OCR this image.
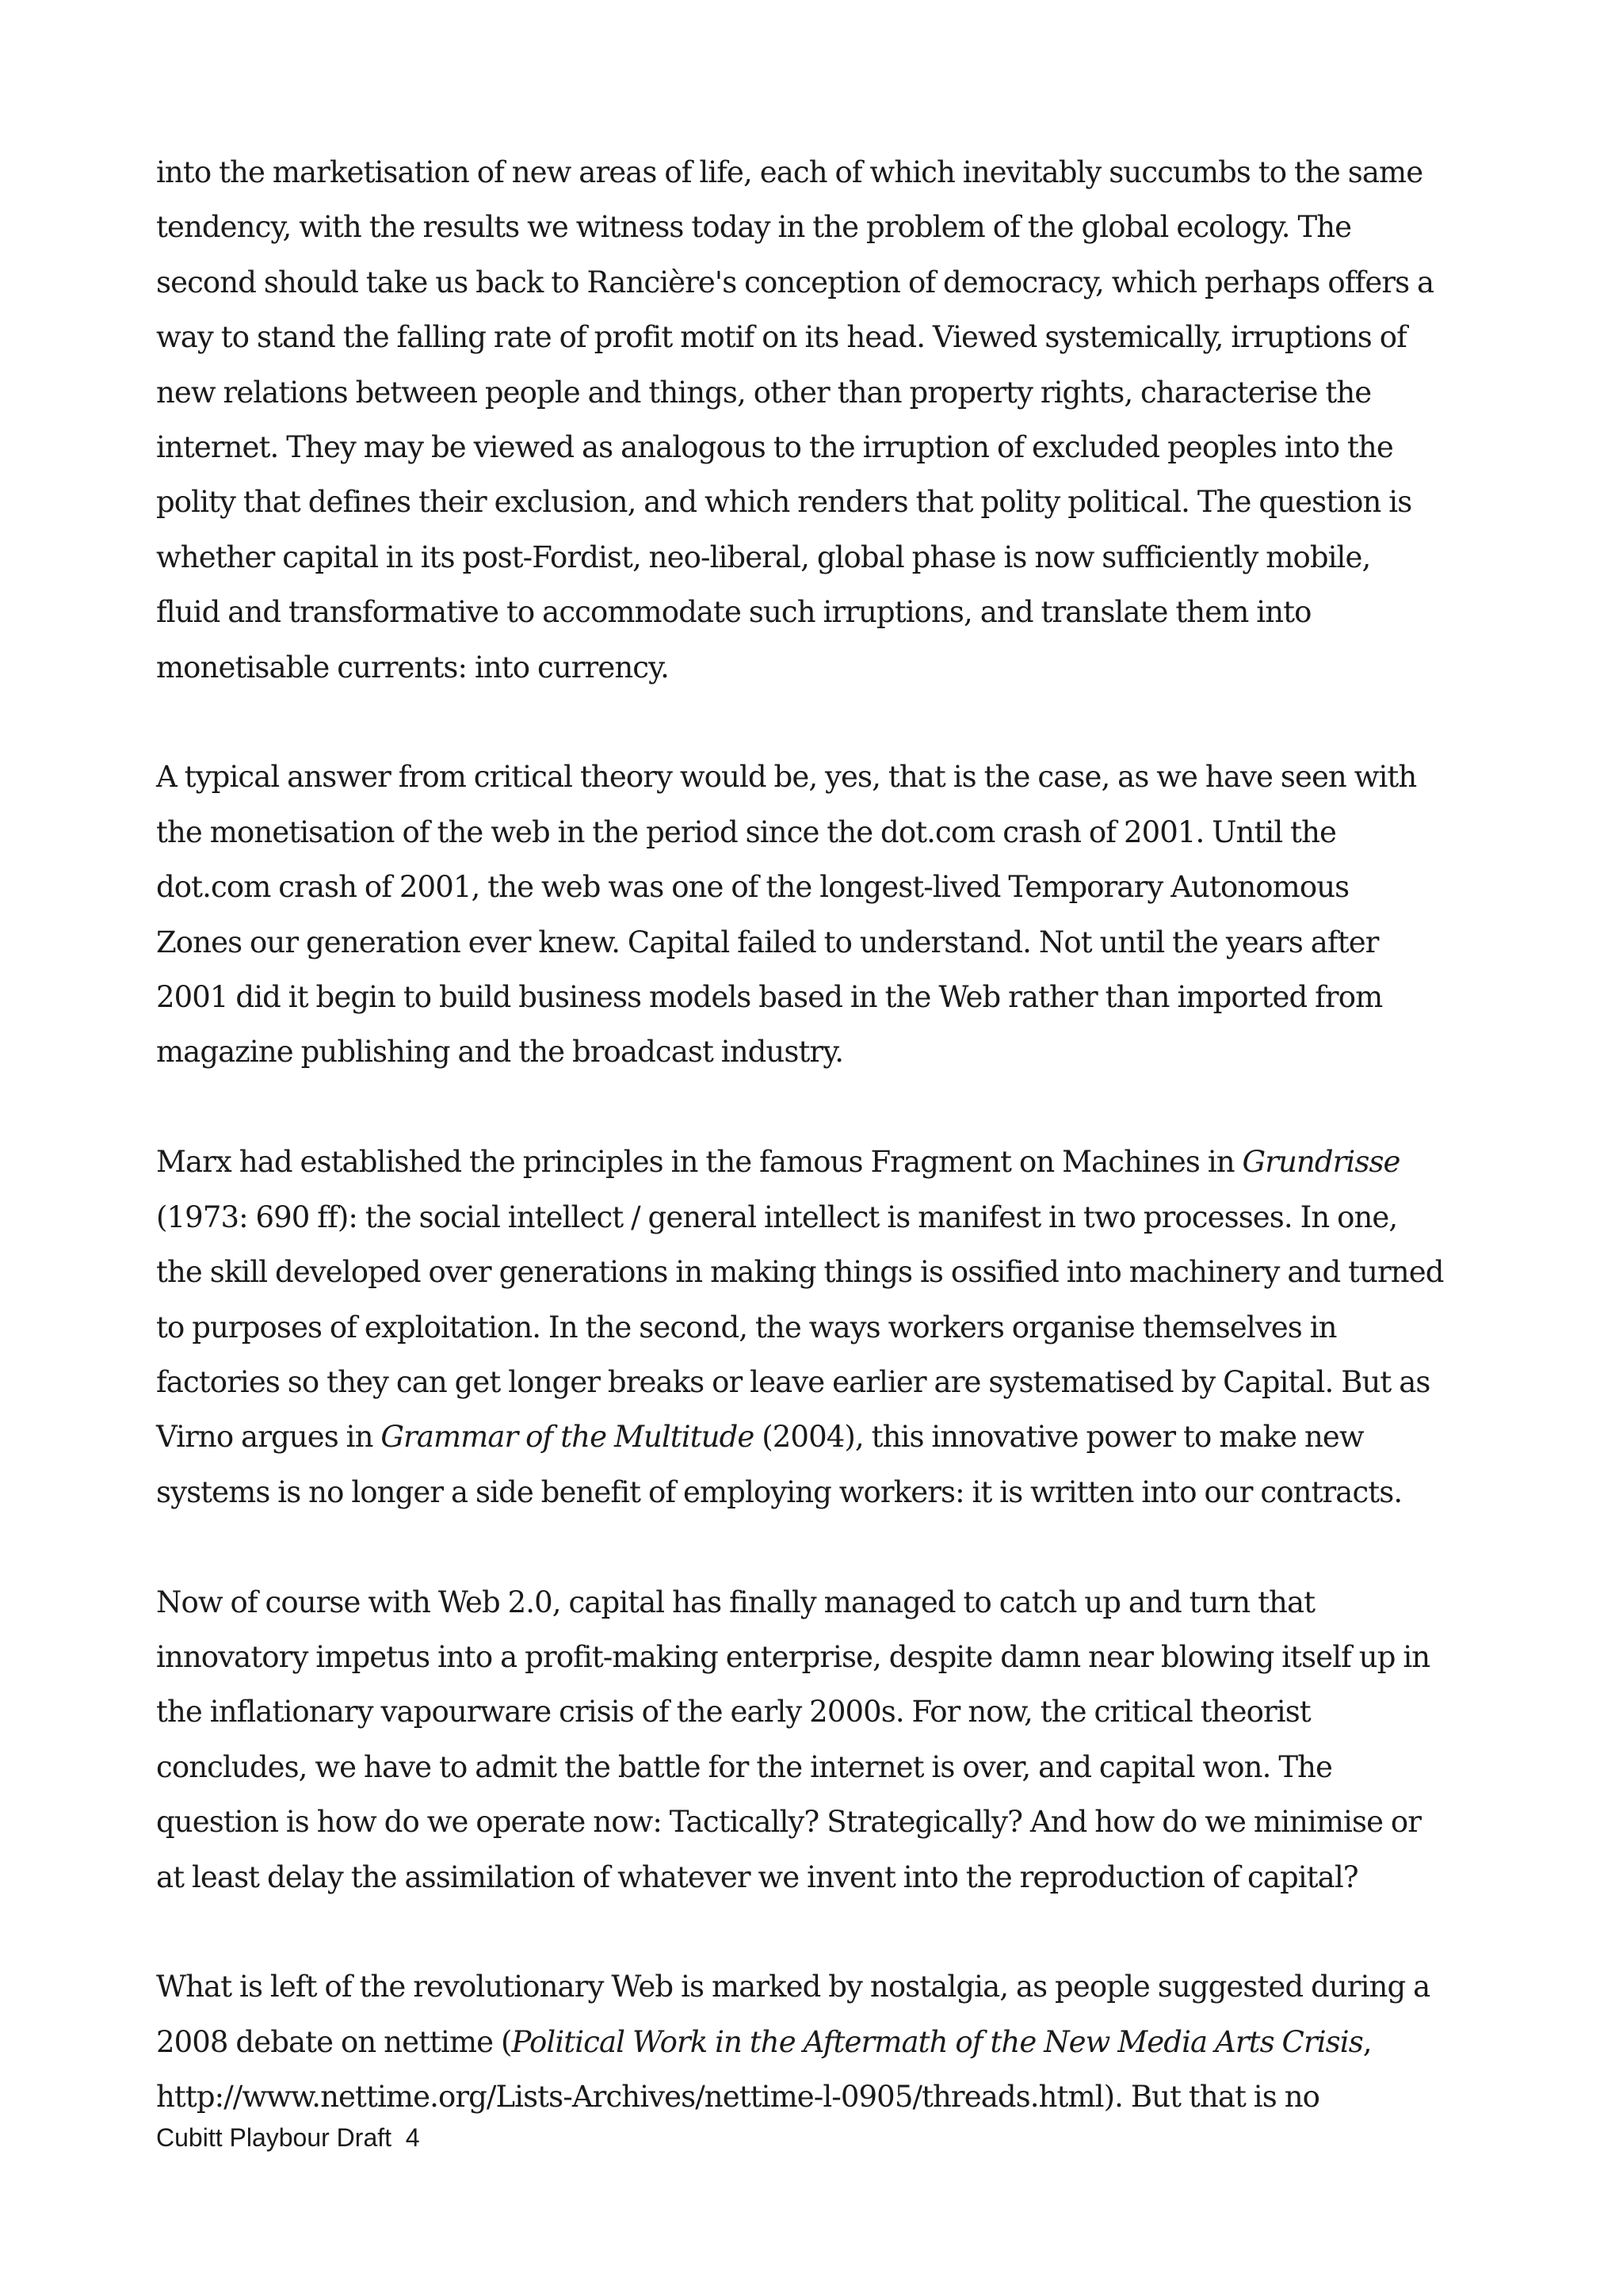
into the marketisation of new areas of life, each of which inevitably succumbs to the same
tendency, with the results we witness today in the problem of the global ecology. The
second should take us back to Rancière's conception of democracy, which perhaps offers a
way to stand the falling rate of profit motif on its head. Viewed systemically, irruptions of
new relations between people and things, other than property rights, characterise the
internet. They may be viewed as analogous to the irruption of excluded peoples into the
polity that defines their exclusion, and which renders that polity political. The question is
whether capital in its post-Fordist, neo-liberal, global phase is now sufficiently mobile,
fluid and transformative to accommodate such irruptions, and translate them into
monetisable currents: into currency.

A typical answer from critical theory would be, yes, that is the case, as we have seen with
the monetisation of the web in the period since the dot.com crash of 2001. Until the
dot.com crash of 2001, the web was one of the longest-lived Temporary Autonomous
Zones our generation ever knew. Capital failed to understand. Not until the years after
2001 did it begin to build business models based in the Web rather than imported from
magazine publishing and the broadcast industry.

Marx had established the principles in the famous Fragment on Machines in Grundrisse
(1973: 690 ff): the social intellect / general intellect is manifest in two processes. In one,
the skill developed over generations in making things is ossified into machinery and turned
to purposes of exploitation. In the second, the ways workers organise themselves in
factories so they can get longer breaks or leave earlier are systematised by Capital. But as
Virno argues in Grammar of the Multitude (2004), this innovative power to make new
systems is no longer a side benefit of employing workers: it is written into our contracts.

Now of course with Web 2.0, capital has finally managed to catch up and turn that
innovatory impetus into a profit-making enterprise, despite damn near blowing itself up in
the inflationary vapourware crisis of the early 2000s. For now, the critical theorist
concludes, we have to admit the battle for the internet is over, and capital won. The
question is how do we operate now: Tactically? Strategically? And how do we minimise or
at least delay the assimilation of whatever we invent into the reproduction of capital?

What is left of the revolutionary Web is marked by nostalgia, as people suggested during a
2008 debate on nettime (Political Work in the Aftermath of the New Media Arts Crisis,
http://www.nettime.org/Lists-Archives/nettime-l-0905/threads.html). But that is no

Cubitt Playbour Draft  4
